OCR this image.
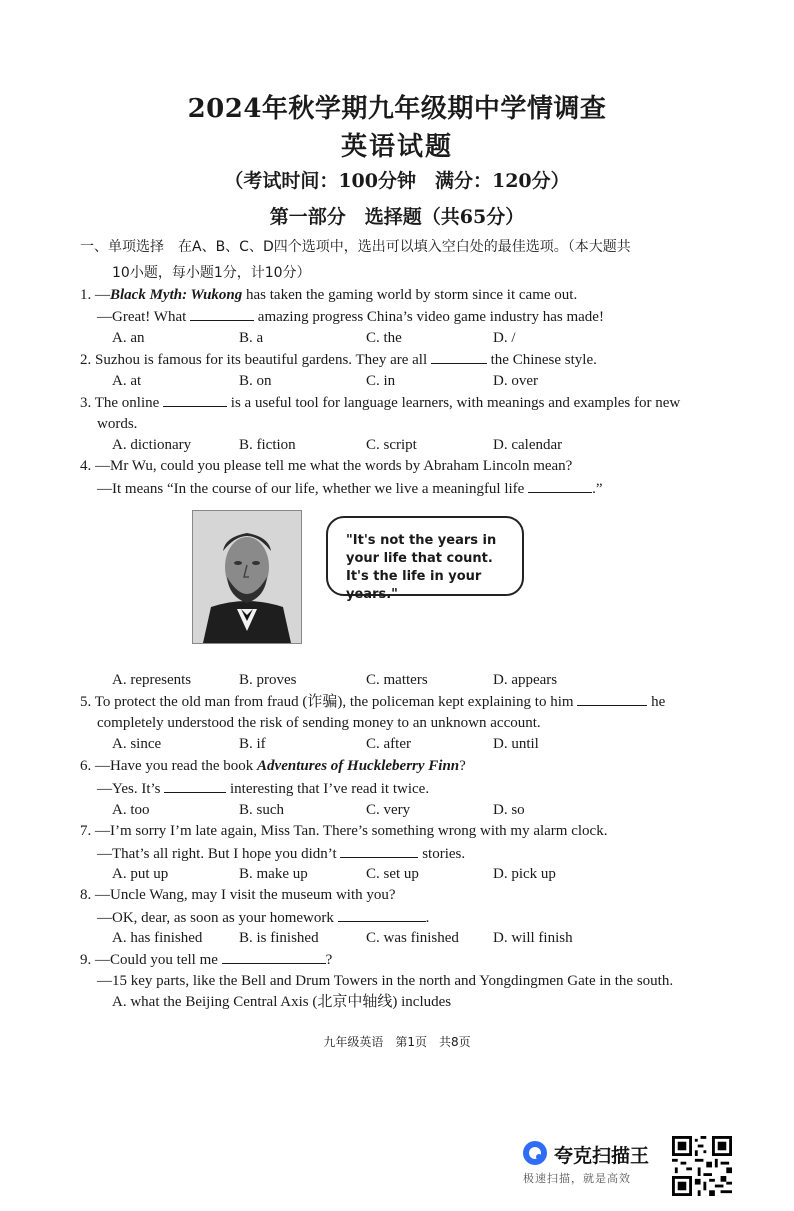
2024年秋学期九年级期中学情调查
英语试题
（考试时间：100分钟　满分：120分）
第一部分　选择题（共65分）
一、单项选择　在A、B、C、D四个选项中，选出可以填入空白处的最佳选项。（本大题共
10小题，每小题1分，计10分）
1. —Black Myth: Wukong has taken the gaming world by storm since it came out.
—Great! What	amazing progress China’s video game industry has made!
A. an	B. a	C. the	D. /
2. Suzhou is famous for its beautiful gardens. They are all	the Chinese style.
A. at	B. on	C. in	D. over
3. The online	is a useful tool for language learners, with meanings and examples for new
words.
A. dictionary	B. fiction	C. script	D. calendar
4. —Mr Wu, could you please tell me what the words by Abraham Lincoln mean?
—It means “In the course of our life, whether we live a meaningful life	.”
"It's not the years in your life that count. It's the life in your years."
A. represents	B. proves	C. matters	D. appears
5. To protect the old man from fraud (诈骗), the policeman kept explaining to him	he
completely understood the risk of sending money to an unknown account.
A. since	B. if	C. after	D. until
6. —Have you read the book Adventures of Huckleberry Finn?
—Yes. It’s	interesting that I’ve read it twice.
A. too	B. such	C. very	D. so
7. —I’m sorry I’m late again, Miss Tan. There’s something wrong with my alarm clock.
—That’s all right. But I hope you didn’t	stories.
A. put up	B. make up	C. set up	D. pick up
8. —Uncle Wang, may I visit the museum with you?
—OK, dear, as soon as your homework	.
A. has finished B. is finished	C. was finished D. will finish
9. —Could you tell me	?
—15 key parts, like the Bell and Drum Towers in the north and Yongdingmen Gate in the south.
A. what the Beijing Central Axis (北京中轴线) includes
九年级英语　第1页　共8页
夸克扫描王
极速扫描，就是高效
